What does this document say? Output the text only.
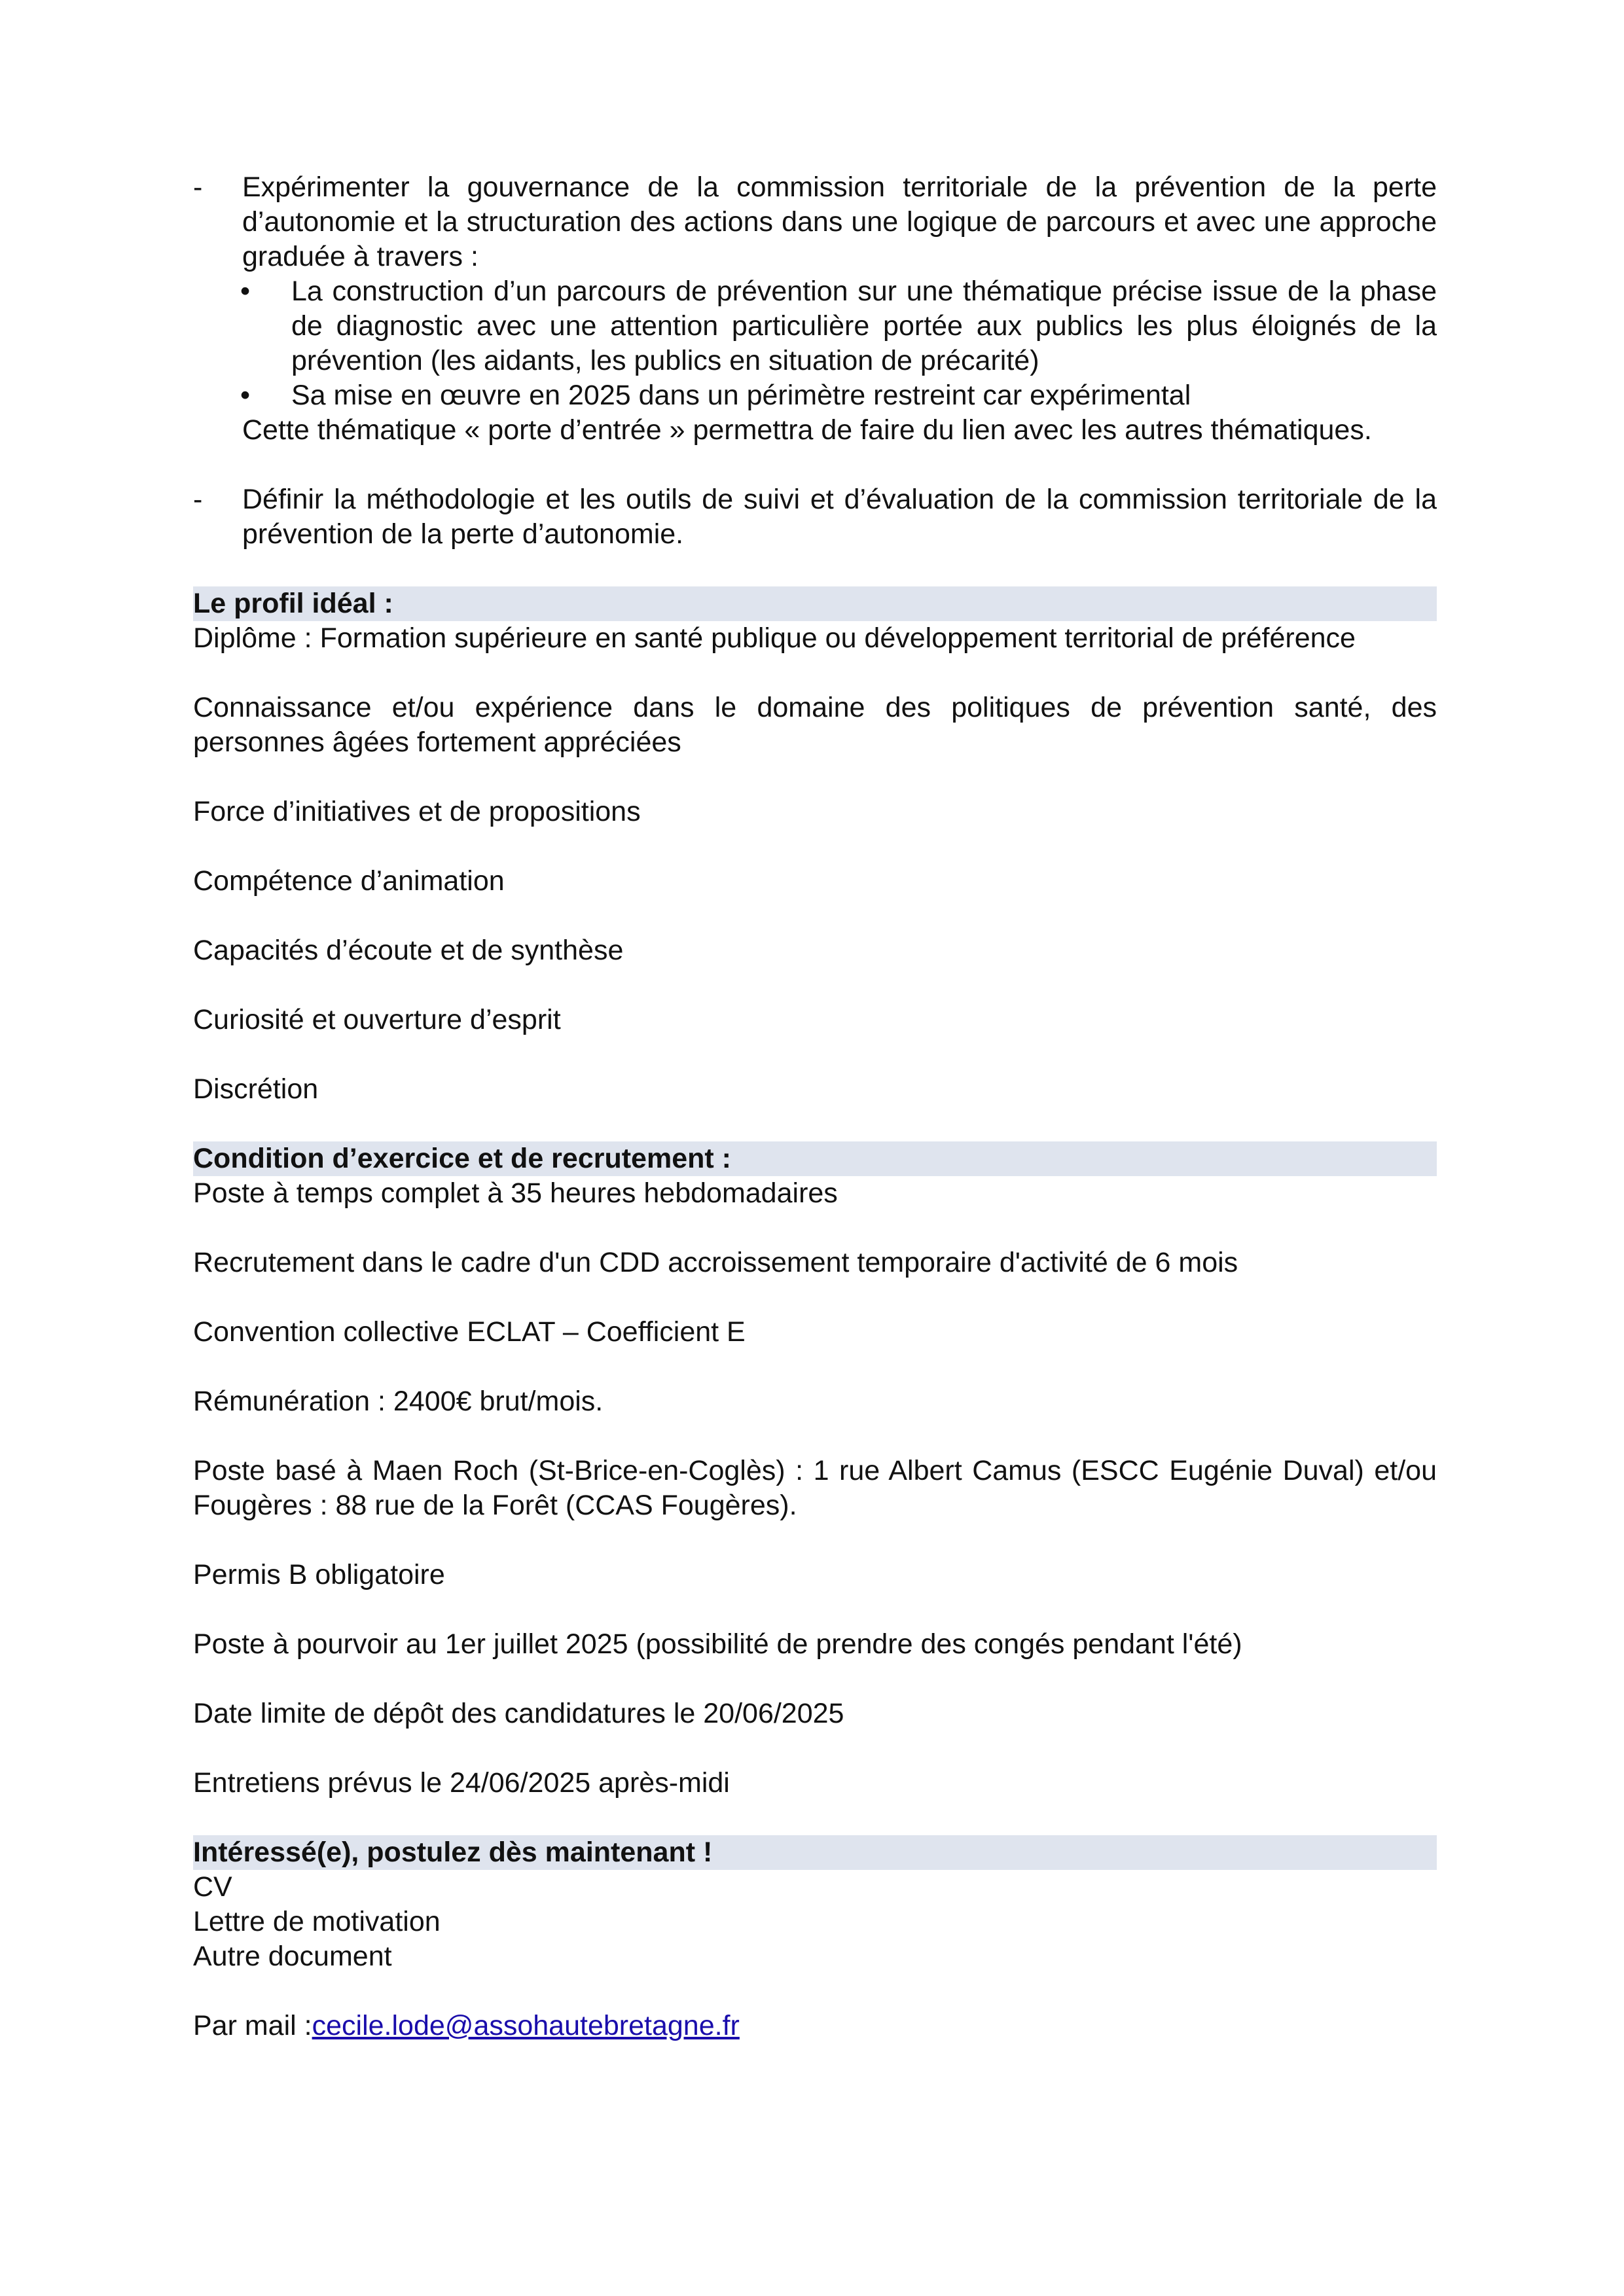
- Expérimenter la gouvernance de la commission territoriale de la prévention de la perte d’autonomie et la structuration des actions dans une logique de parcours et avec une approche graduée à travers :
• La construction d’un parcours de prévention sur une thématique précise issue de la phase de diagnostic avec une attention particulière portée aux publics les plus éloignés de la prévention (les aidants, les publics en situation de précarité)
• Sa mise en œuvre en 2025 dans un périmètre restreint car expérimental
Cette thématique « porte d’entrée » permettra de faire du lien avec les autres thématiques.
- Définir la méthodologie et les outils de suivi et d’évaluation de la commission territoriale de la prévention de la perte d’autonomie.
Le profil idéal :
Diplôme : Formation supérieure en santé publique ou développement territorial de préférence
Connaissance et/ou expérience dans le domaine des politiques de prévention santé, des personnes âgées fortement appréciées
Force d’initiatives et de propositions
Compétence d’animation
Capacités d’écoute et de synthèse
Curiosité et ouverture d’esprit
Discrétion
Condition d’exercice et de recrutement :
Poste à temps complet à 35 heures hebdomadaires
Recrutement dans le cadre d'un CDD accroissement temporaire d'activité de 6 mois
Convention collective ECLAT – Coefficient E
Rémunération : 2400€ brut/mois.
Poste basé à Maen Roch (St-Brice-en-Coglès) : 1 rue Albert Camus (ESCC Eugénie Duval) et/ou Fougères : 88 rue de la Forêt (CCAS Fougères).
Permis B obligatoire
Poste à pourvoir au 1er juillet 2025 (possibilité de prendre des congés pendant l'été)
Date limite de dépôt des candidatures le 20/06/2025
Entretiens prévus le 24/06/2025 après-midi
Intéressé(e), postulez dès maintenant !
CV
Lettre de motivation
Autre document
Par mail :cecile.lode@assohautebretagne.fr
